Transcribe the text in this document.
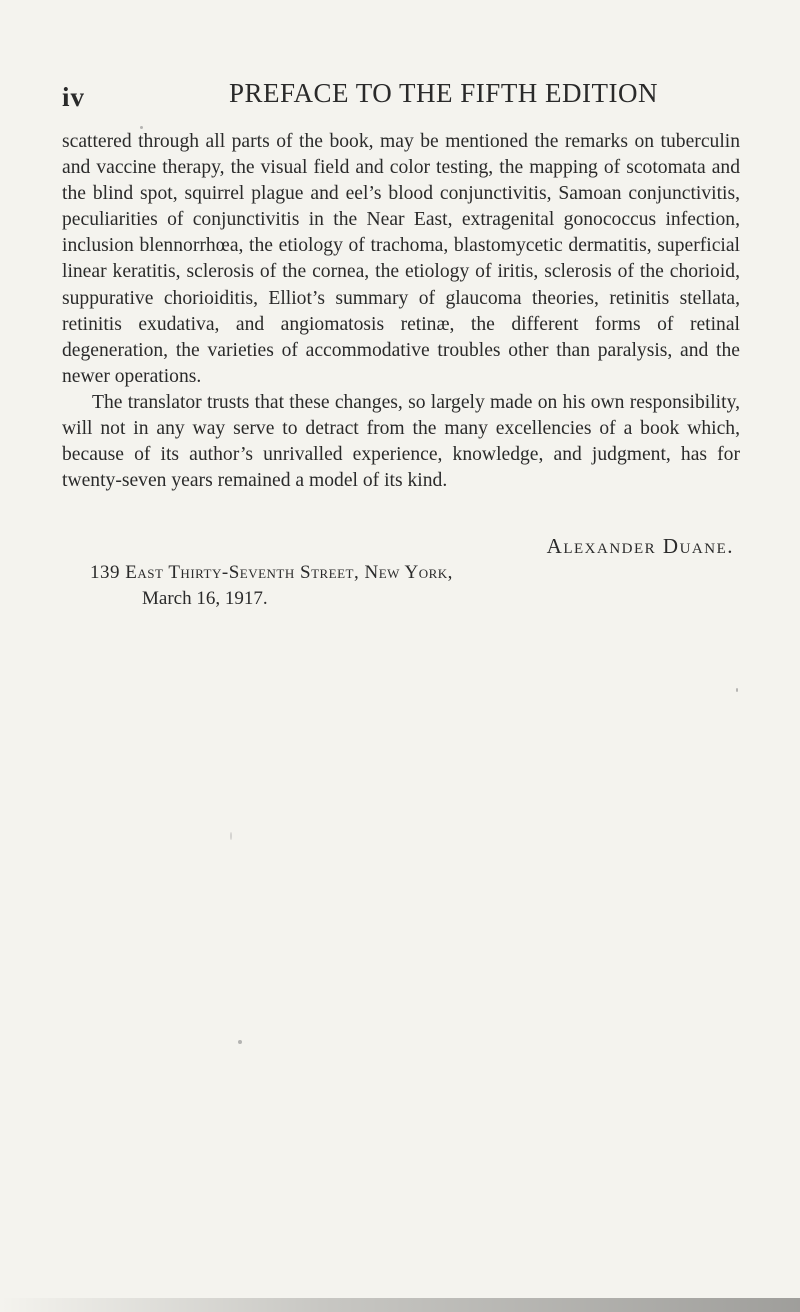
iv	PREFACE TO THE FIFTH EDITION

scattered through all parts of the book, may be mentioned the remarks on tuberculin and vaccine therapy, the visual field and color testing, the mapping of scotomata and the blind spot, squirrel plague and eel’s blood conjunctivitis, Samoan conjunctivitis, peculiarities of conjunctivitis in the Near East, extragenital gonococcus infection, inclusion blennorrhœa, the etiology of trachoma, blastomycetic dermatitis, superficial linear keratitis, sclerosis of the cornea, the etiology of iritis, sclerosis of the chorioid, suppurative chorioiditis, Elliot’s summary of glaucoma theories, retinitis stellata, retinitis exudativa, and angiomatosis retinæ, the different forms of retinal degeneration, the varieties of accommodative troubles other than paralysis, and the newer operations.

The translator trusts that these changes, so largely made on his own responsibility, will not in any way serve to detract from the many excellencies of a book which, because of its author’s unrivalled experience, knowledge, and judgment, has for twenty-seven years remained a model of its kind.

Alexander Duane.
139 East Thirty-Seventh Street, New York,
March 16, 1917.
